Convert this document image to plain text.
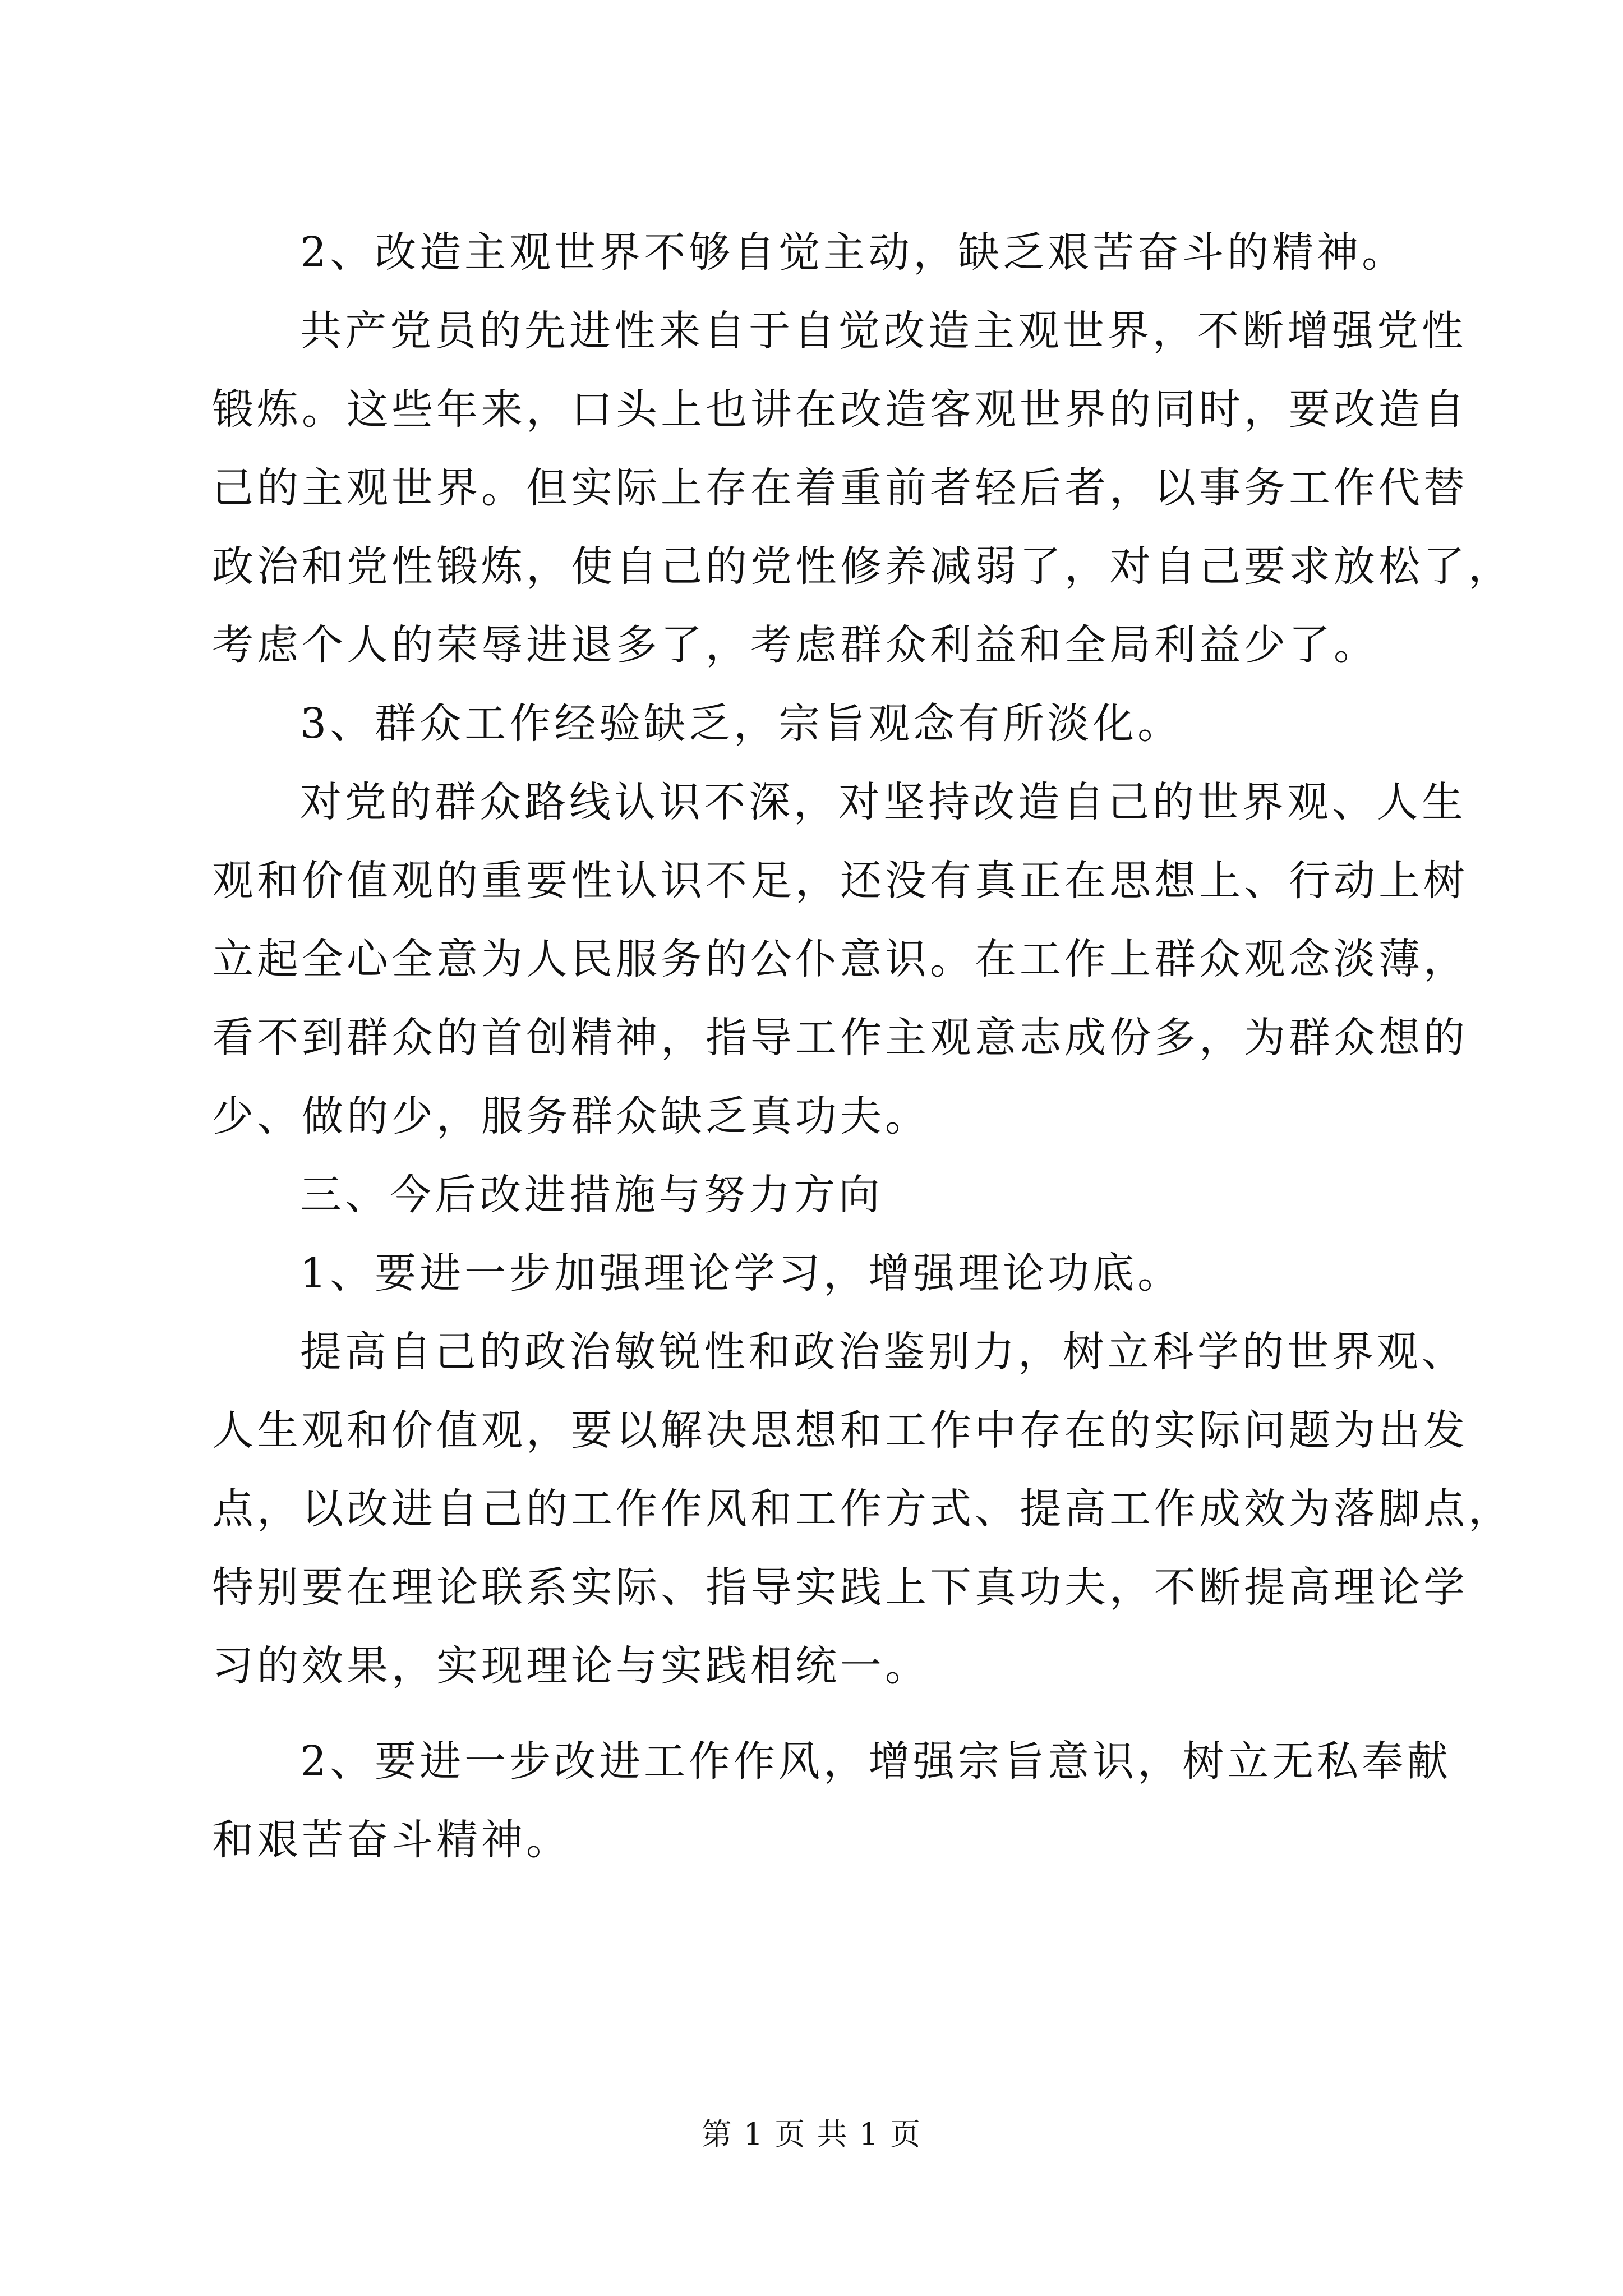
2、改造主观世界不够自觉主动，缺乏艰苦奋斗的精神。
共产党员的先进性来自于自觉改造主观世界，不断增强党性
锻炼。这些年来，口头上也讲在改造客观世界的同时，要改造自
己的主观世界。但实际上存在着重前者轻后者，以事务工作代替
政治和党性锻炼，使自己的党性修养减弱了，对自己要求放松了，
考虑个人的荣辱进退多了，考虑群众利益和全局利益少了。
3、群众工作经验缺乏，宗旨观念有所淡化。
对党的群众路线认识不深，对坚持改造自己的世界观、人生
观和价值观的重要性认识不足，还没有真正在思想上、行动上树
立起全心全意为人民服务的公仆意识。在工作上群众观念淡薄，
看不到群众的首创精神，指导工作主观意志成份多，为群众想的
少、做的少，服务群众缺乏真功夫。
三、今后改进措施与努力方向
1、要进一步加强理论学习，增强理论功底。
提高自己的政治敏锐性和政治鉴别力，树立科学的世界观、
人生观和价值观，要以解决思想和工作中存在的实际问题为出发
点，以改进自己的工作作风和工作方式、提高工作成效为落脚点，
特别要在理论联系实际、指导实践上下真功夫，不断提高理论学
习的效果，实现理论与实践相统一。
2、要进一步改进工作作风，增强宗旨意识，树立无私奉献
和艰苦奋斗精神。
第 1 页 共 1 页
